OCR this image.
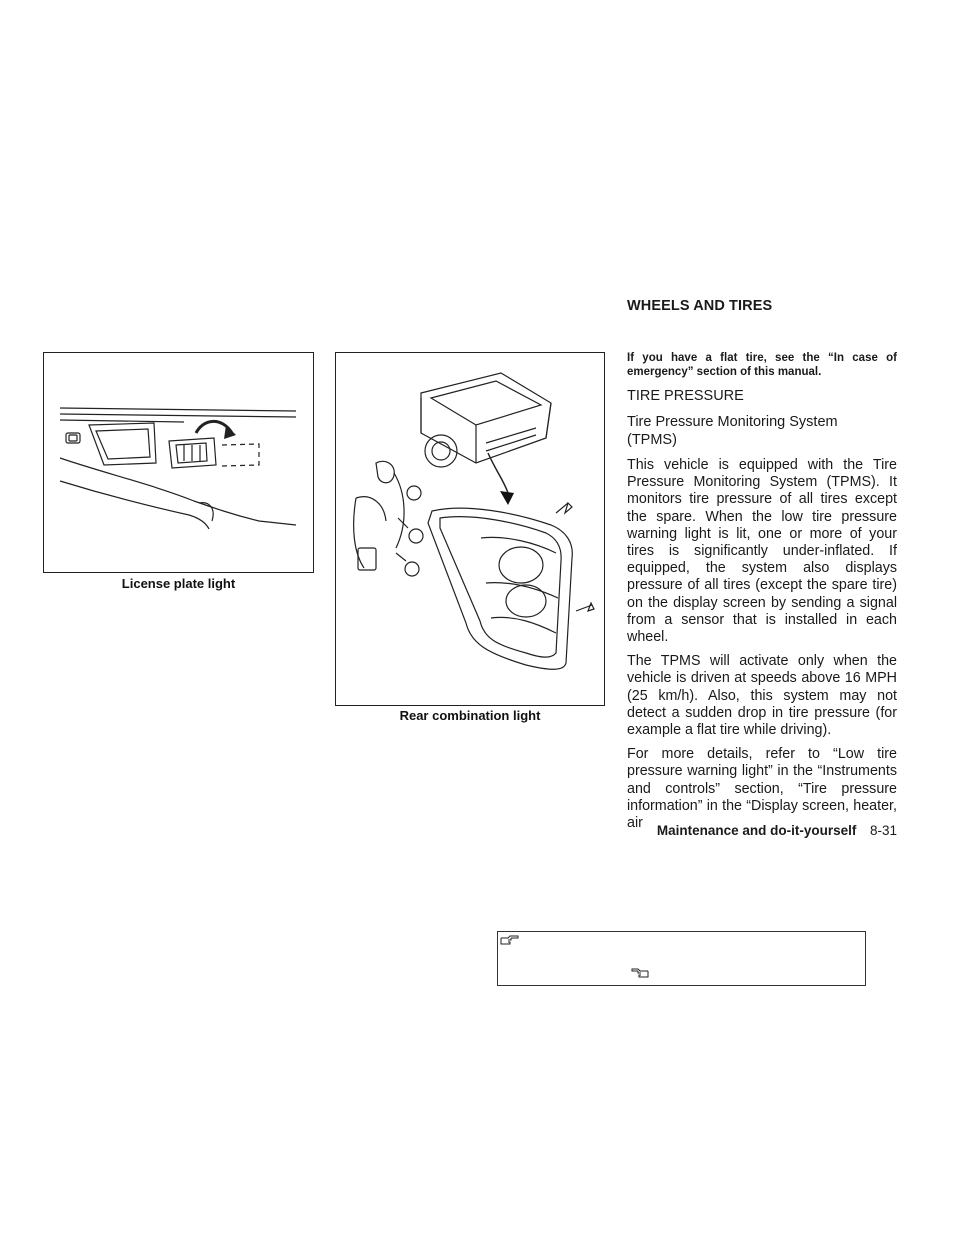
License plate light
Rear combination light
WHEELS AND TIRES
If you have a flat tire, see the “In case of emergency” section of this manual.
TIRE PRESSURE
Tire Pressure Monitoring System (TPMS)

This vehicle is equipped with the Tire Pressure Monitoring System (TPMS). It monitors tire pressure of all tires except the spare. When the low tire pressure warning light is lit, one or more of your tires is significantly under-inflated. If equipped, the system also displays pressure of all tires (except the spare tire) on the display screen by sending a signal from a sensor that is installed in each wheel.

The TPMS will activate only when the vehicle is driven at speeds above 16 MPH (25 km/h). Also, this system may not detect a sudden drop in tire pressure (for example a flat tire while driving).

For more details, refer to “Low tire pressure warning light” in the “Instruments and controls” section, “Tire pressure information” in the “Display screen, heater, air	Maintenance and do-it-yourself 8-31
